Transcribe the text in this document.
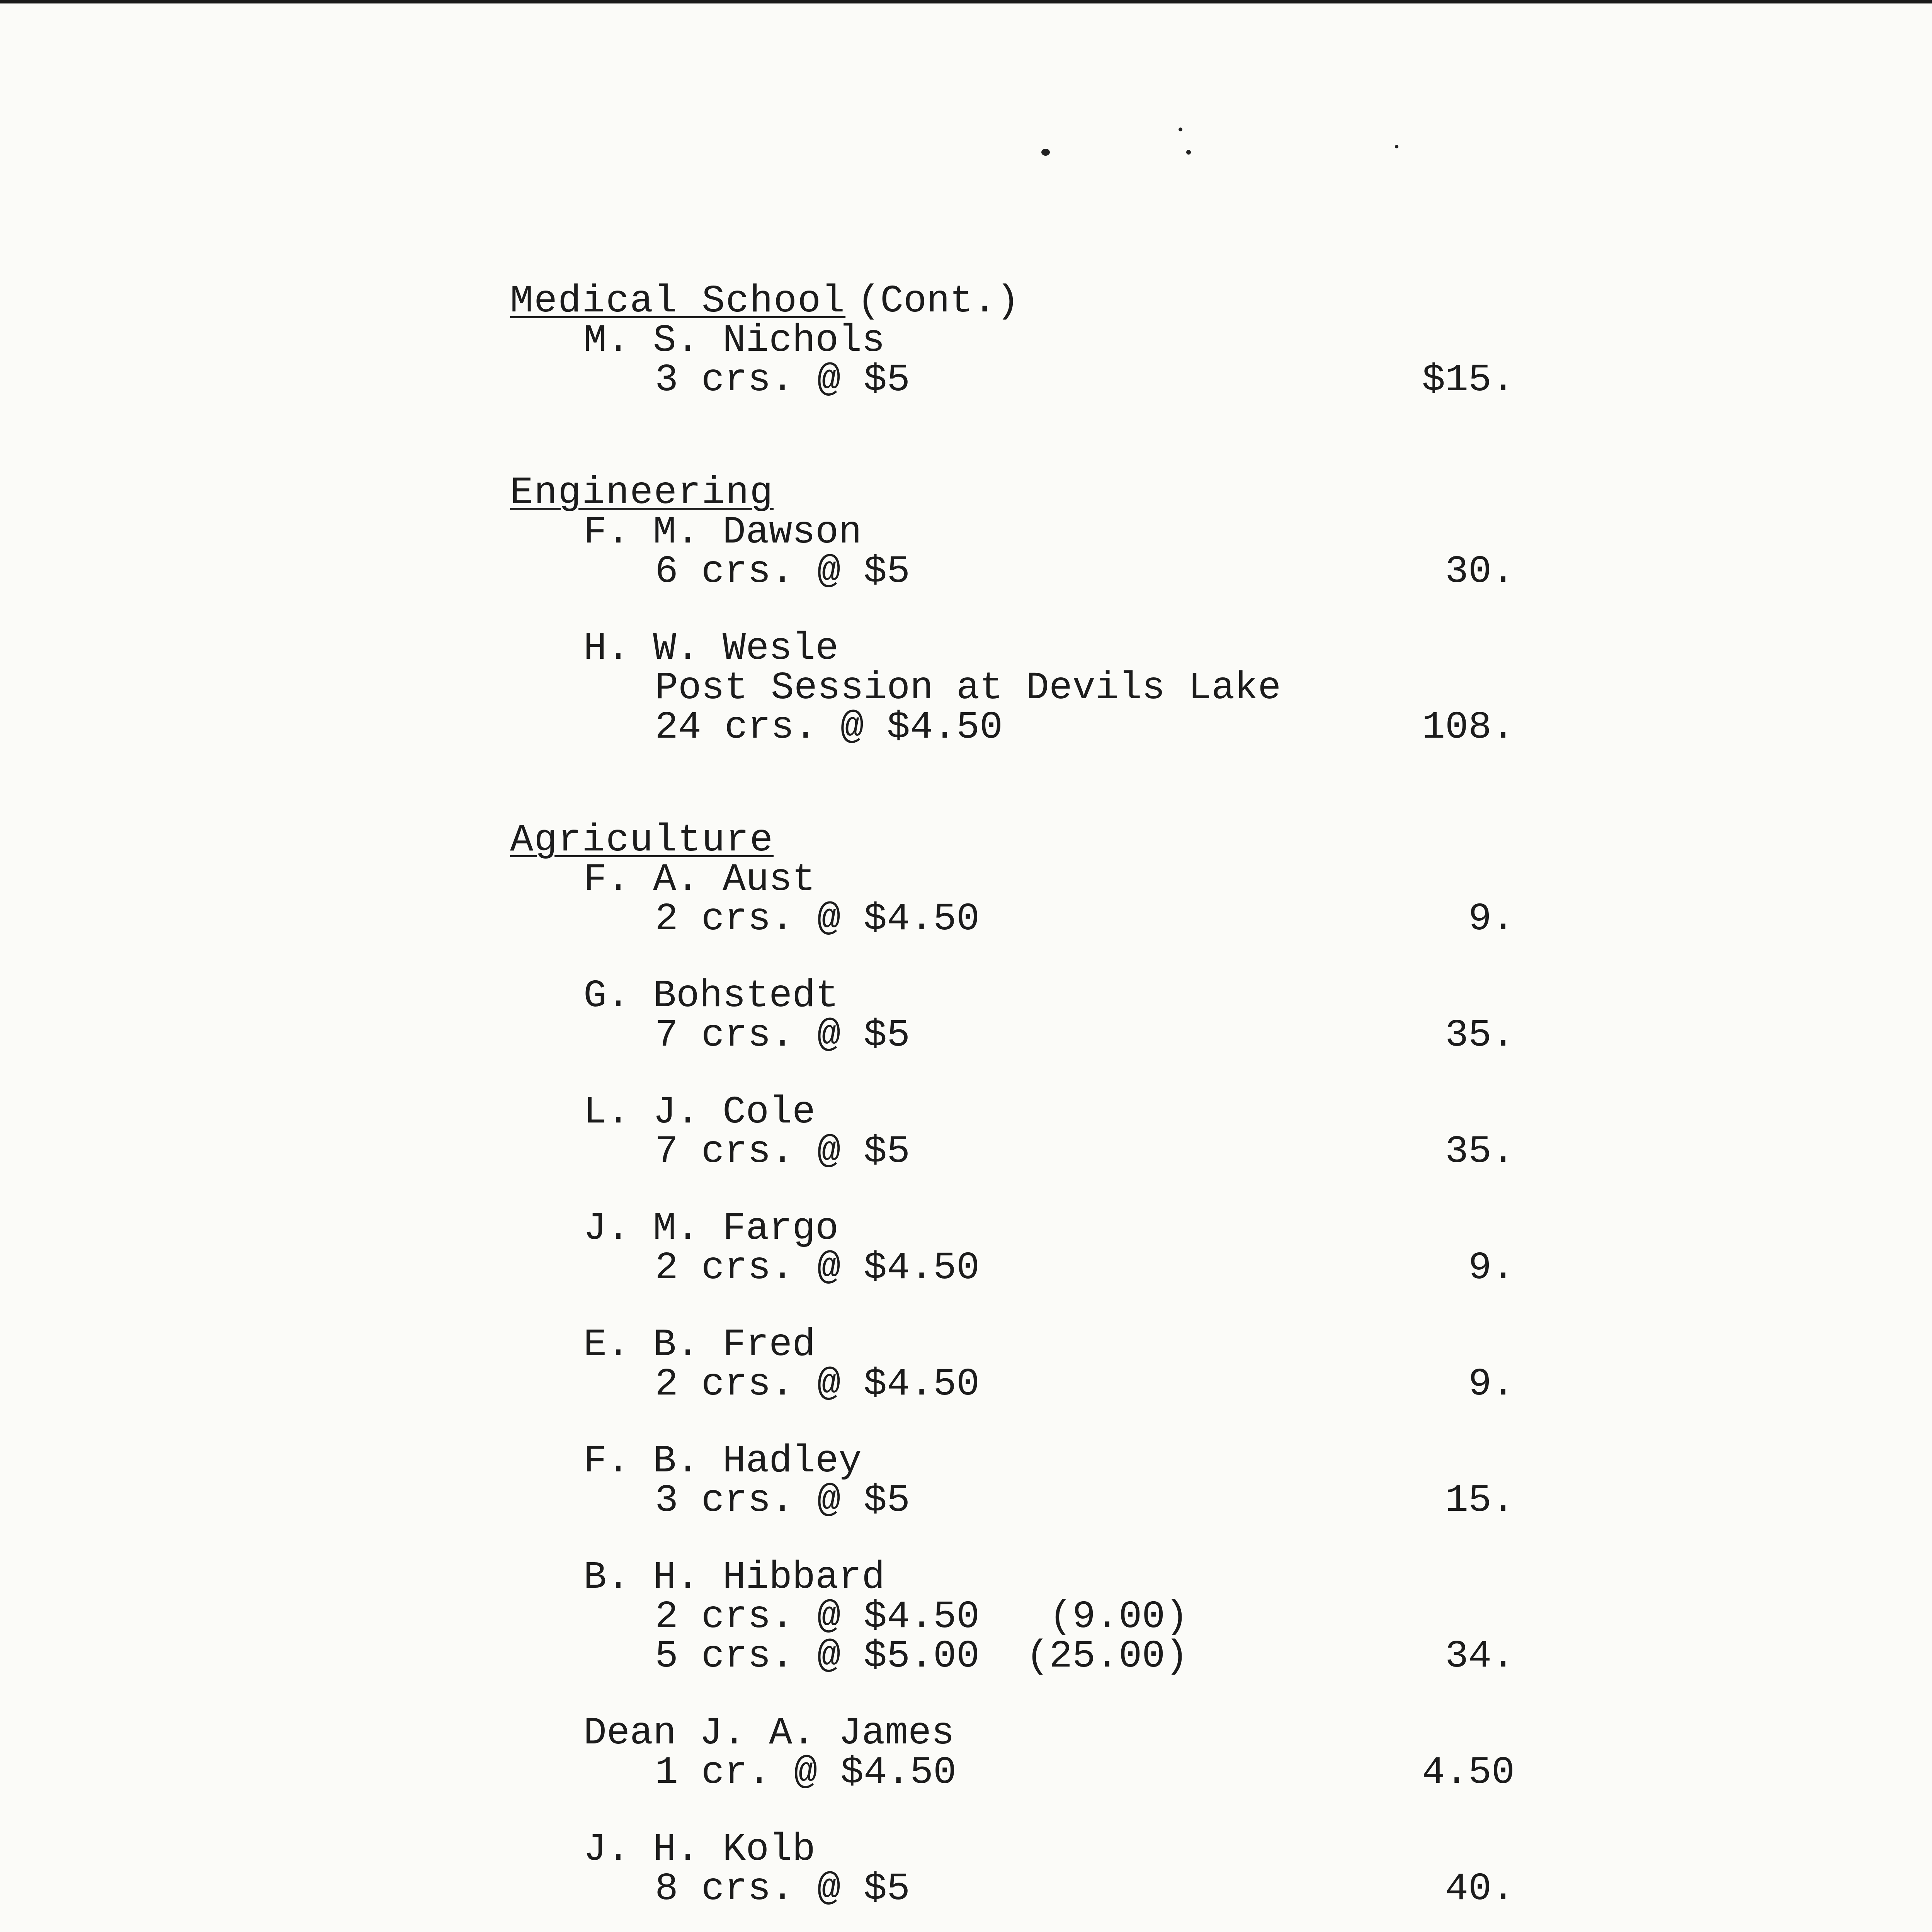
Medical School (Cont.)
M. S. Nichols
3 crs. @ $5	$15.
Engineering
F. M. Dawson
6 crs. @ $5	30.
H. W. Wesle
Post Session at Devils Lake
24 crs. @ $4.50	108.
Agriculture
F. A. Aust
2 crs. @ $4.50	9.
G. Bohstedt
7 crs. @ $5	35.
L. J. Cole
7 crs. @ $5	35.
J. M. Fargo
2 crs. @ $4.50	9.
E. B. Fred
2 crs. @ $4.50	9.
F. B. Hadley
3 crs. @ $5	15.
B. H. Hibbard
2 crs. @ $4.50   (9.00)
5 crs. @ $5.00  (25.00)	34.
Dean J. A. James
1 cr. @ $4.50	4.50
J. H. Kolb
8 crs. @ $5	40.
